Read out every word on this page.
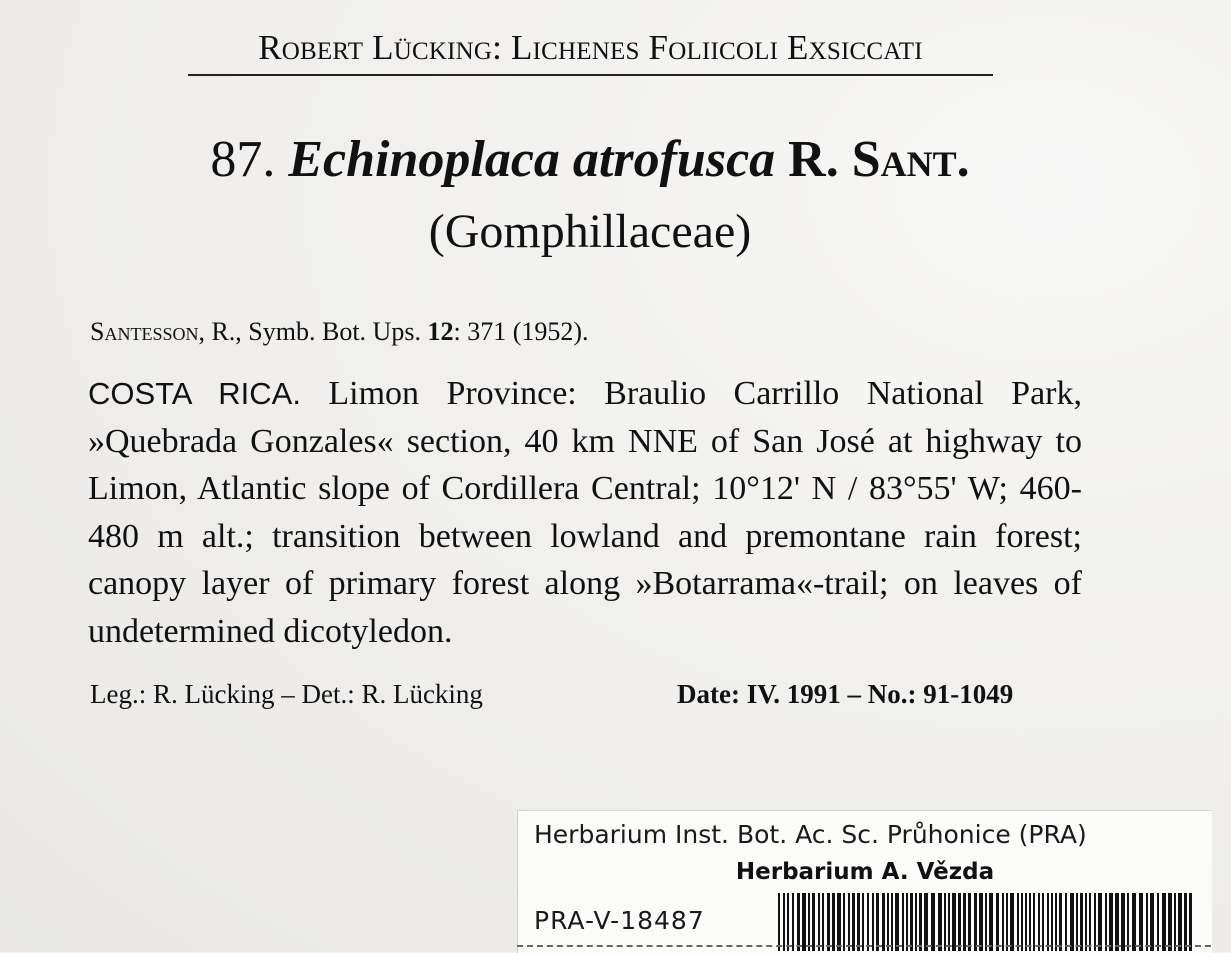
Robert Lücking: Lichenes Foliicoli Exsiccati
87. Echinoplaca atrofusca R. Sant.
(Gomphillaceae)
Santesson, R., Symb. Bot. Ups. 12: 371 (1952).
COSTA RICA. Limon Province: Braulio Carrillo National Park, »Quebrada Gonzales« section, 40 km NNE of San José at highway to Limon, Atlantic slope of Cordillera Central; 10°12' N / 83°55' W; 460-480 m alt.; transition between lowland and premontane rain forest; canopy layer of primary forest along »Botarrama«-trail; on leaves of undetermined dicotyledon.
Leg.: R. Lücking – Det.: R. Lücking	Date: IV. 1991 – No.: 91-1049
Herbarium Inst. Bot. Ac. Sc. Průhonice (PRA)
Herbarium A. Vězda
PRA-V-18487
